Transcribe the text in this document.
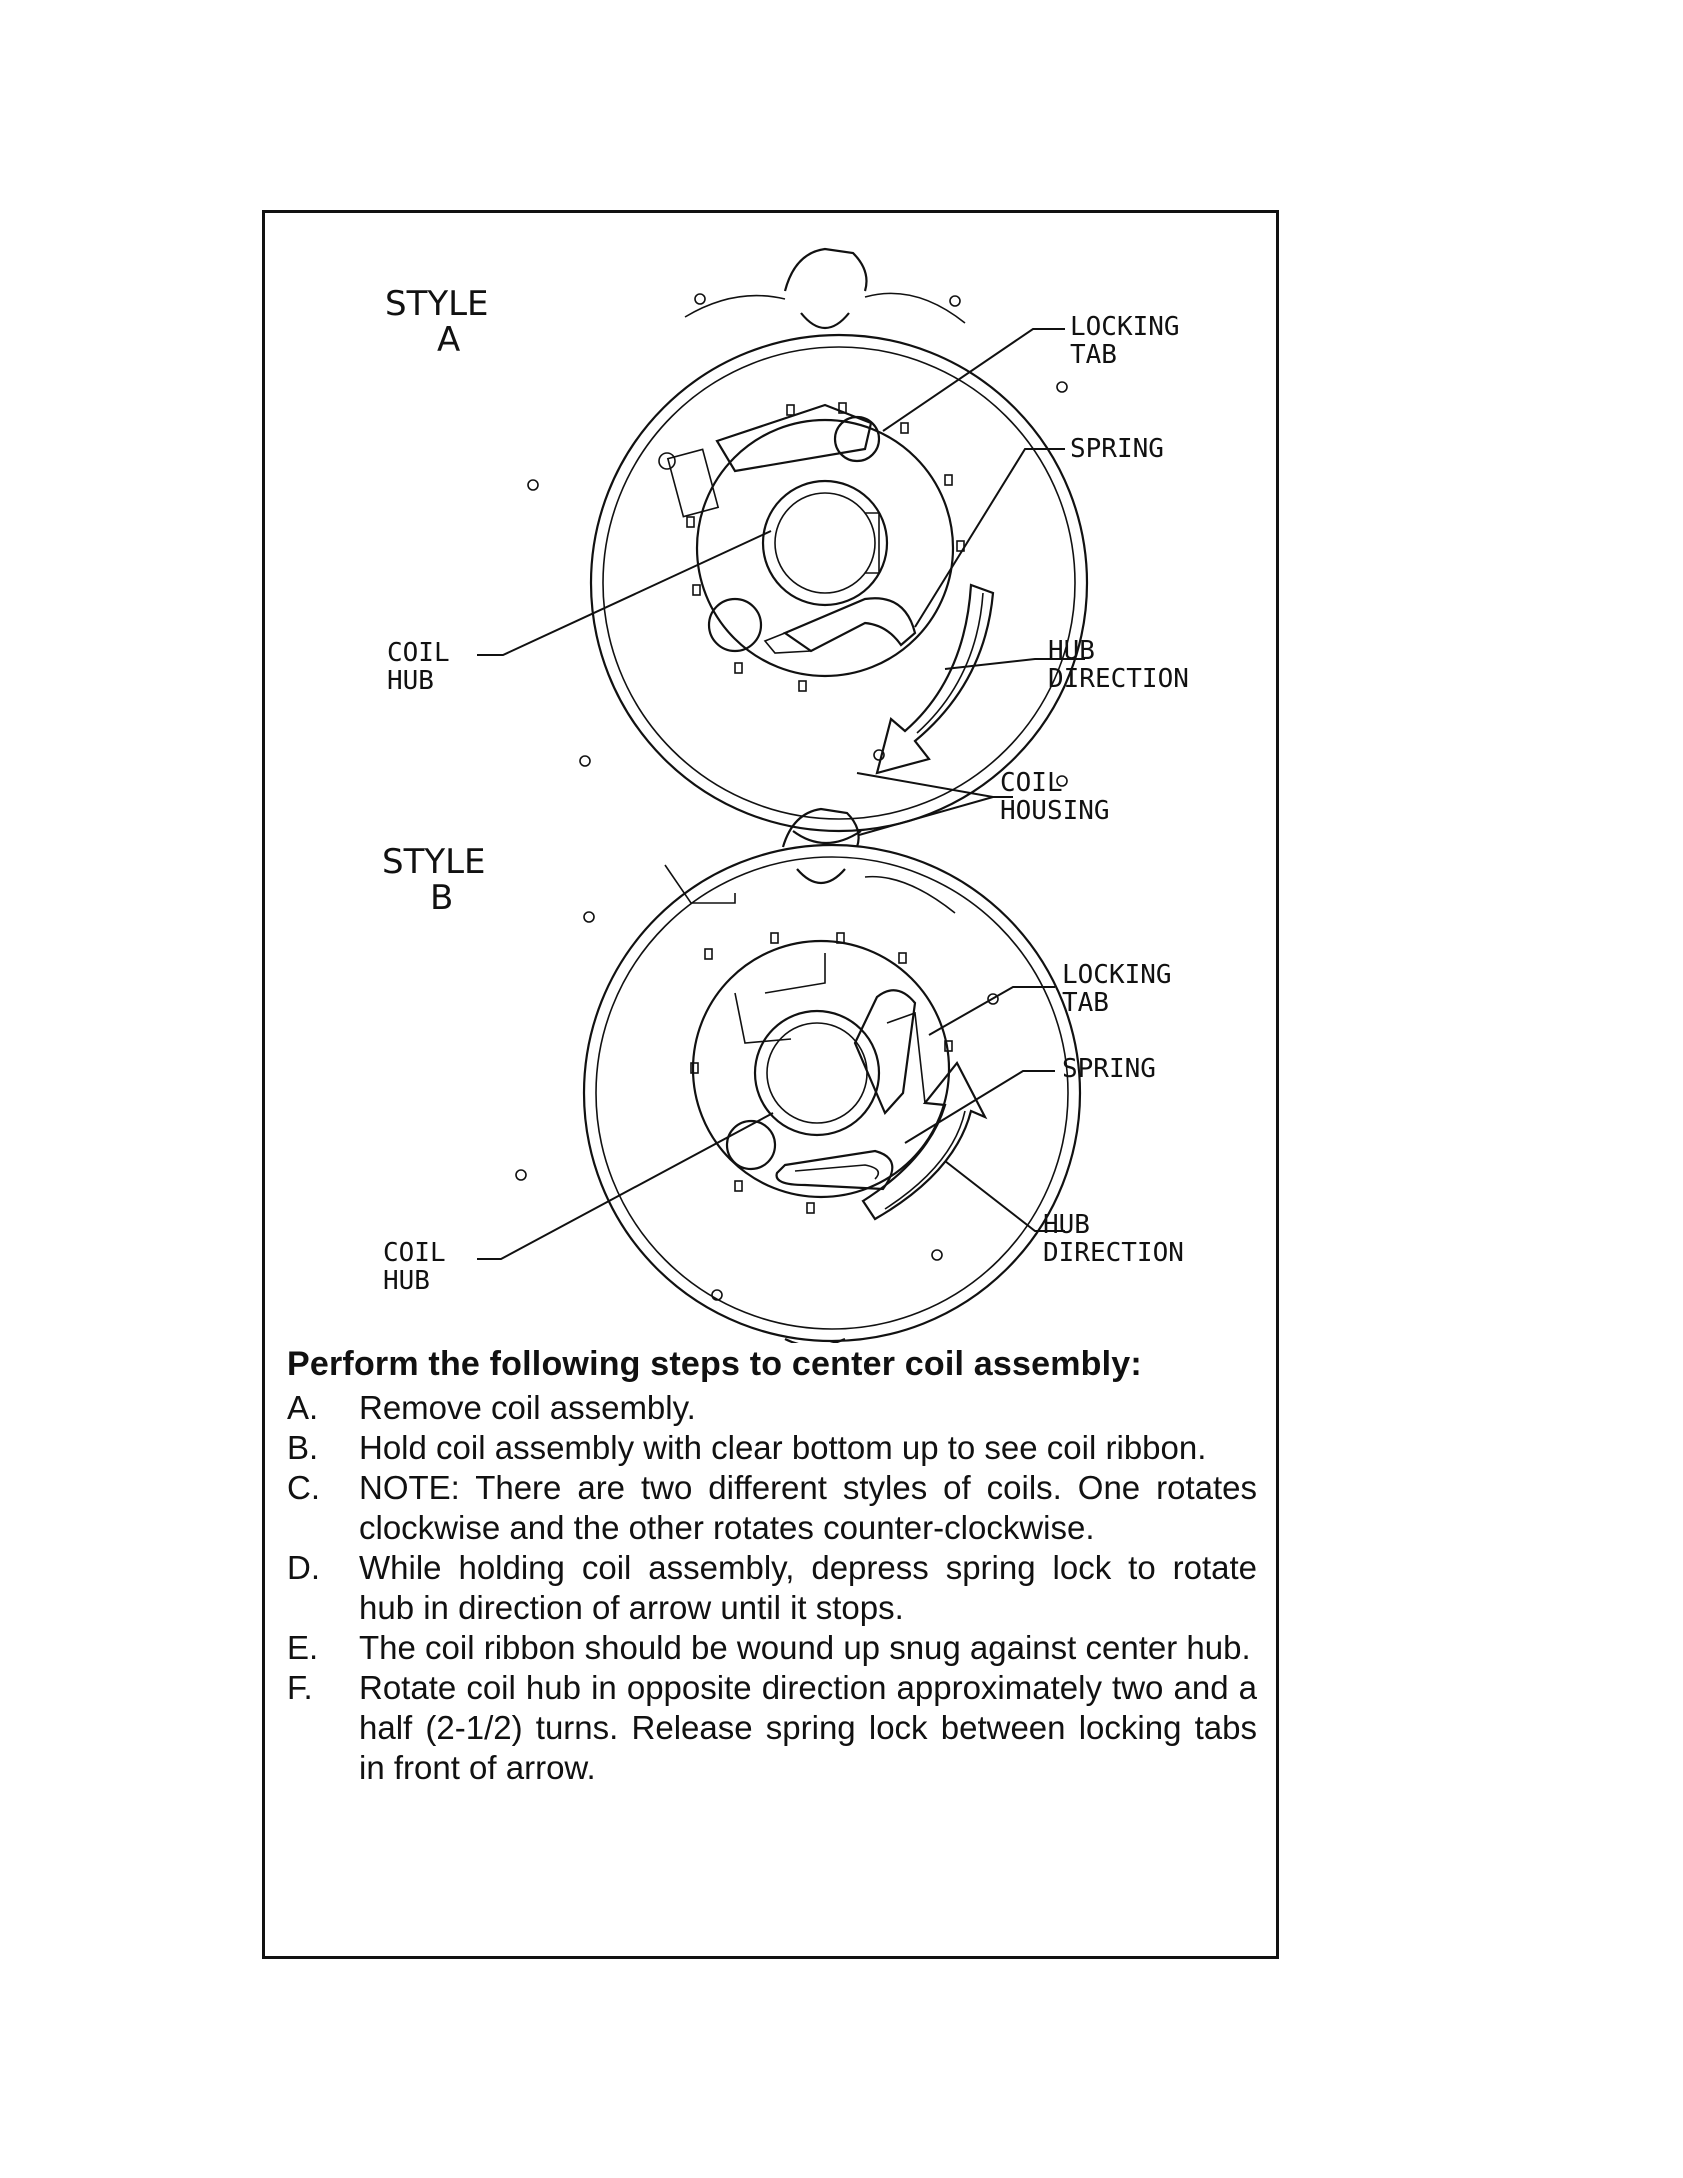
STYLE
A	LOCKING
TAB
SPRING
COIL
HUB
HUB
DIRECTION
COIL
HOUSING
STYLE
B
LOCKING
TAB
SPRING
COIL
HUB
HUB
DIRECTION
Perform the following steps to center coil assembly:
A.	Remove coil assembly.
B.	Hold coil assembly with clear bottom up to see coil ribbon.
C.	NOTE: There are two different styles of coils. One rotates clockwise and the other rotates counter-clockwise.
D.	While holding coil assembly, depress spring lock to rotate hub in direction of arrow until it stops.
E.	The coil ribbon should be wound up snug against center hub.
F.	Rotate coil hub in opposite direction approximately two and a half (2-1/2) turns. Release spring lock between locking tabs in front of arrow.
